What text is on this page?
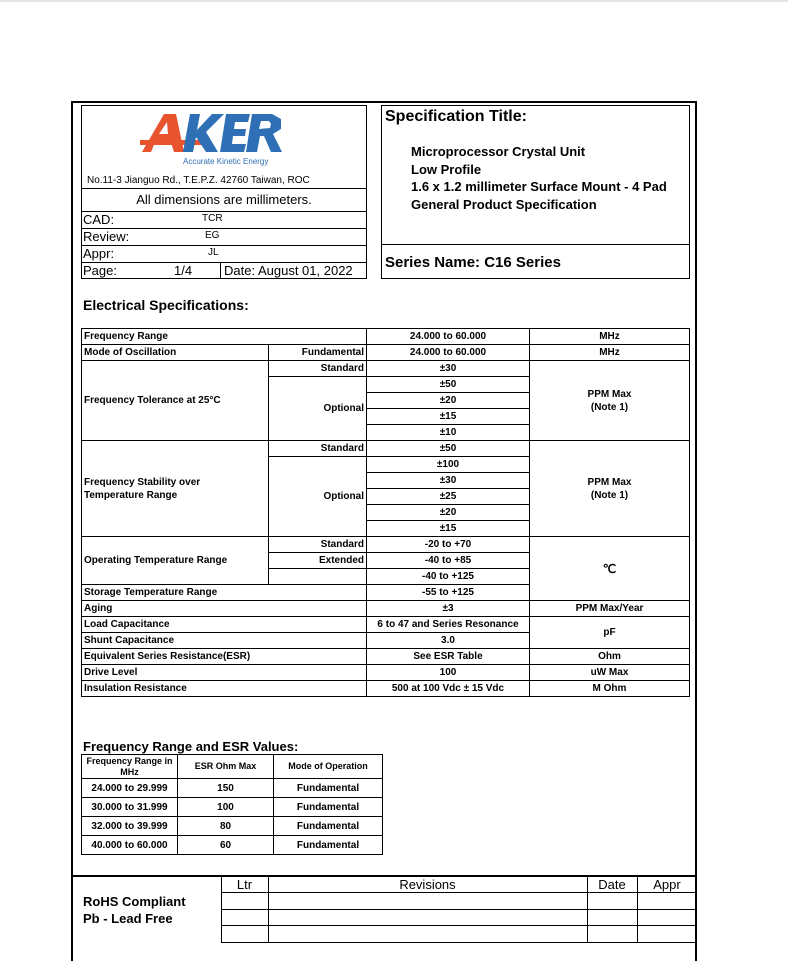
Accurate Kinetic Energy
No.11-3 Jianguo Rd., T.E.P.Z. 42760 Taiwan, ROC
All dimensions are millimeters.
CAD:	TCR
Review:	EG
Appr:	JL
Page:	1/4 Date: August 01, 2022
Specification Title:
Microprocessor Crystal Unit
Low Profile
1.6 x 1.2 millimeter Surface Mount - 4 Pad
General Product Specification
Series Name: C16 Series
Electrical Specifications:
Frequency Range		24.000 to 60.000	MHz
Mode of Oscillation	Fundamental	24.000 to 60.000	MHz
Frequency Tolerance at 25°C	Standard	±30	PPM Max
(Note 1)
	Optional	±50	
		±20	
		±15	
		±10	
Frequency Stability over
Temperature Range	Standard	±50	PPM Max
(Note 1)
	Optional	±100	
		±30	
		±25	
		±20	
		±15	
Operating Temperature Range	Standard	-20 to +70	℃
	Extended	-40 to +85	
		-40 to +125	
Storage Temperature Range		-55 to +125	
Aging		±3	PPM Max/Year
Load Capacitance		6 to 47 and Series Resonance	pF
Shunt Capacitance		3.0	
Equivalent Series Resistance(ESR)		See ESR Table	Ohm
Drive Level		100	uW Max
Insulation Resistance		500 at 100 Vdc ± 15 Vdc	M Ohm
Frequency Range and ESR Values:
Frequency Range in MHz	ESR Ohm Max	Mode of Operation
24.000 to 29.999	150	Fundamental
30.000 to 31.999	100	Fundamental
32.000 to 39.999	80	Fundamental
40.000 to 60.000	60	Fundamental
RoHS Compliant
Pb - Lead Free
Ltr	Revisions	Date	Appr
